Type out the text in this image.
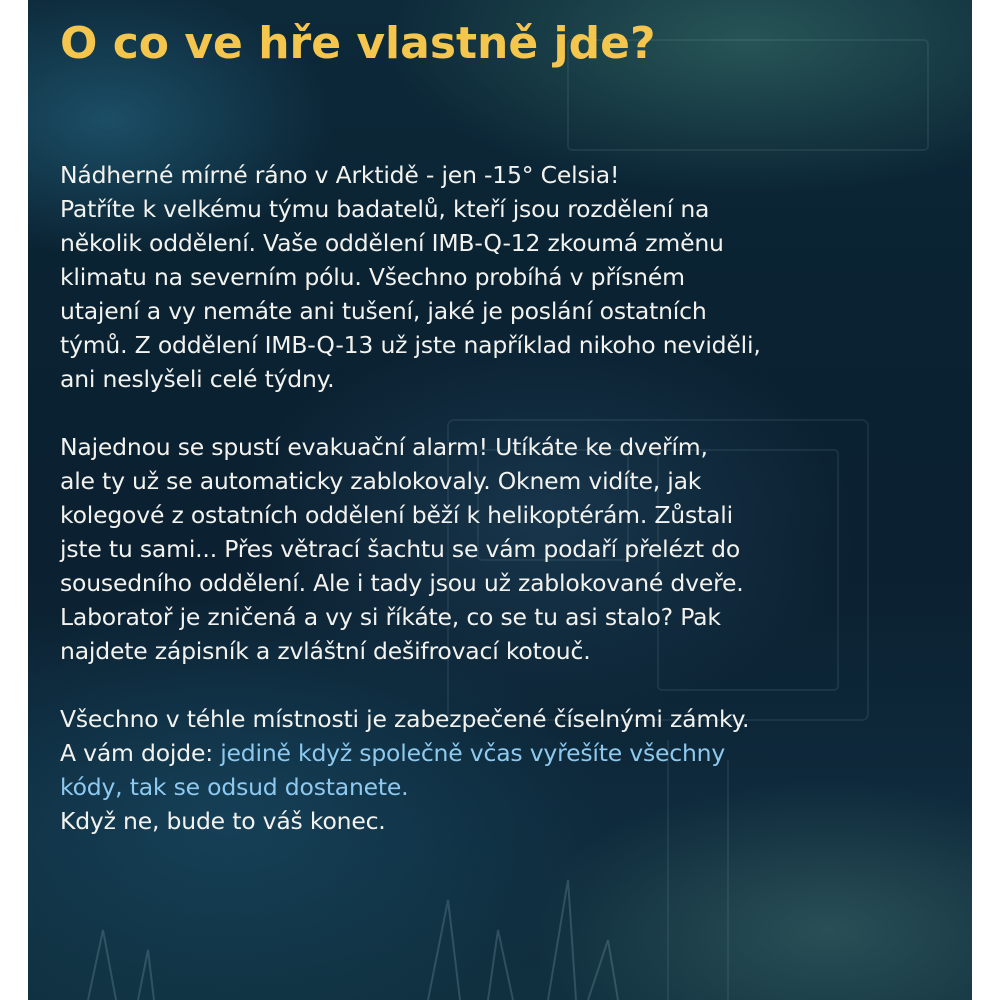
O co ve hře vlastně jde?

Nádherné mírné ráno v Arktidě - jen -15° Celsia!
Patříte k velkému týmu badatelů, kteří jsou rozdělení na
několik oddělení. Vaše oddělení IMB-Q-12 zkoumá změnu
klimatu na severním pólu. Všechno probíhá v přísném
utajení a vy nemáte ani tušení, jaké je poslání ostatních
týmů. Z oddělení IMB-Q-13 už jste například nikoho neviděli,
ani neslyšeli celé týdny.

Najednou se spustí evakuační alarm! Utíkáte ke dveřím,
ale ty už se automaticky zablokovaly. Oknem vidíte, jak
kolegové z ostatních oddělení běží k helikoptérám. Zůstali
jste tu sami... Přes větrací šachtu se vám podaří přelézt do
sousedního oddělení. Ale i tady jsou už zablokované dveře.
Laboratoř je zničená a vy si říkáte, co se tu asi stalo? Pak
najdete zápisník a zvláštní dešifrovací kotouč.

Všechno v téhle místnosti je zabezpečené číselnými zámky.
A vám dojde: jedině když společně včas vyřešíte všechny
kódy, tak se odsud dostanete.
Když ne, bude to váš konec.
